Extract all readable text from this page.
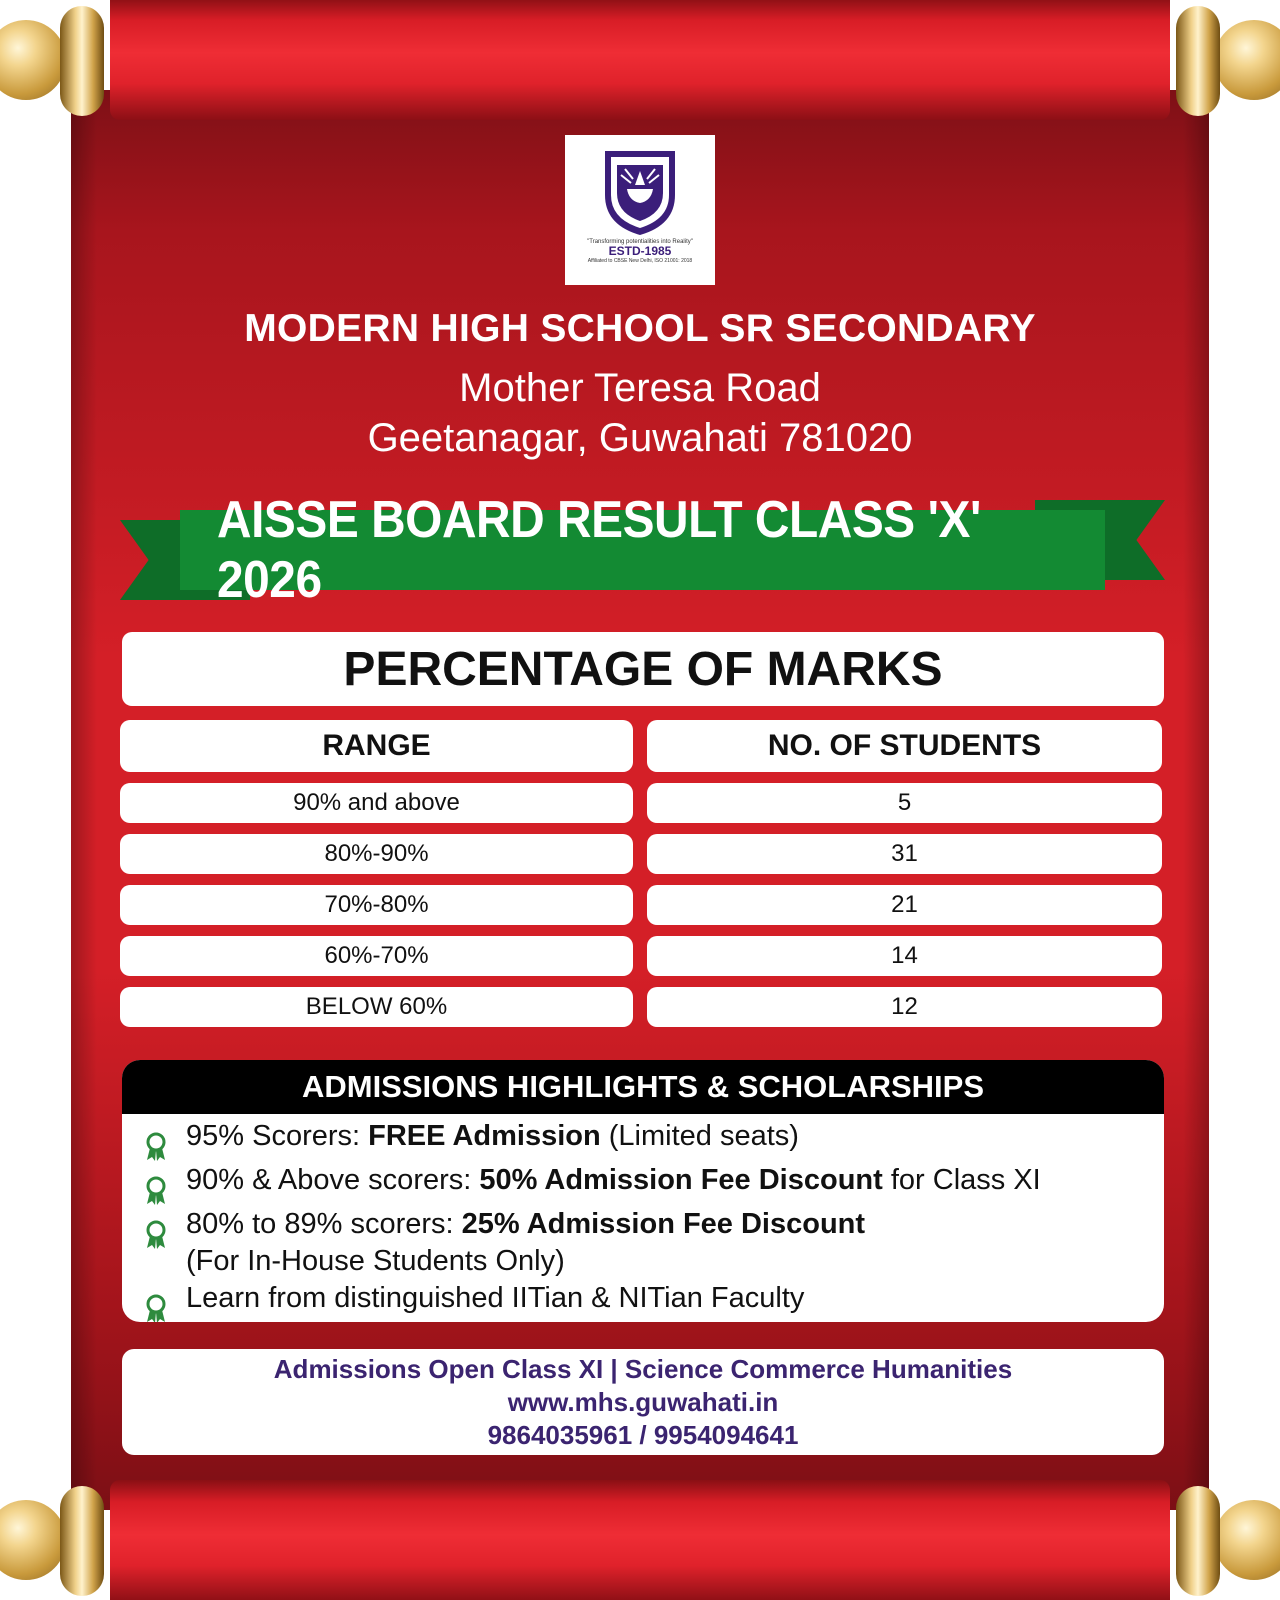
"Transforming potentialities into Reality"
ESTD-1985
Affiliated to CBSE New Delhi, ISO 21001: 2018
MODERN HIGH SCHOOL SR SECONDARY
Mother Teresa Road
Geetanagar, Guwahati 781020
AISSE BOARD RESULT CLASS 'X' 2026
PERCENTAGE OF MARKS
RANGE	NO. OF STUDENTS
90% and above	5
80%-90%	31
70%-80%	21
60%-70%	14
BELOW 60%	12
ADMISSIONS HIGHLIGHTS & SCHOLARSHIPS
95% Scorers: FREE Admission (Limited seats)
90% & Above scorers: 50% Admission Fee Discount for Class XI
80% to 89% scorers: 25% Admission Fee Discount
(For In-House Students Only)
Learn from distinguished IITian & NITian Faculty
Admissions Open Class XI | Science Commerce Humanities
www.mhs.guwahati.in
9864035961 / 9954094641
